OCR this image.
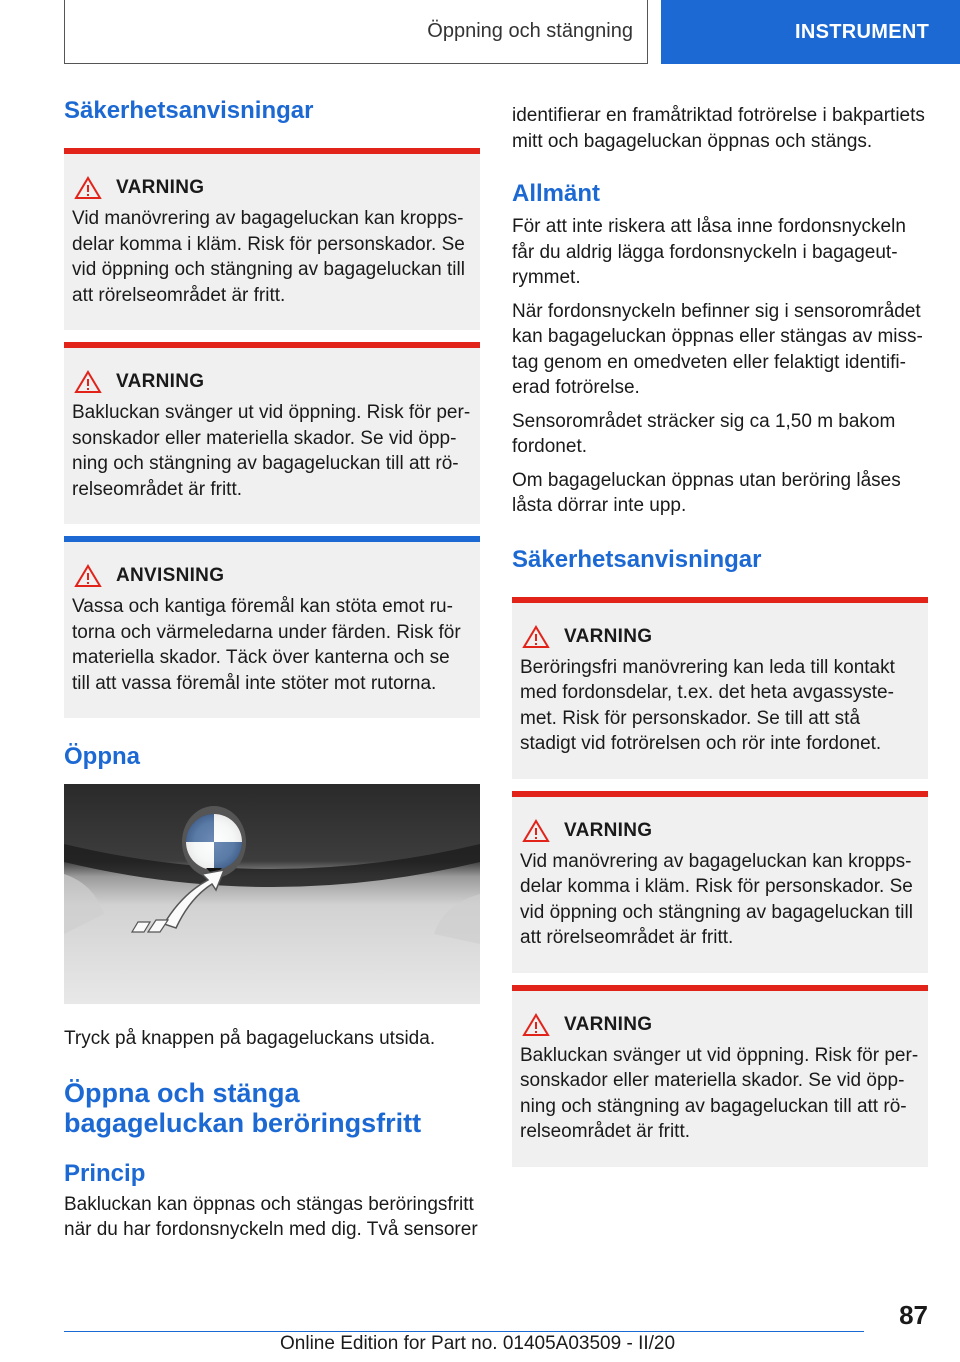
Öppning och stängning	INSTRUMENT
Säkerhetsanvisningar
VARNING

Vid manövrering av bagageluckan kan kroppsdelar komma i kläm. Risk för personskador. Se vid öppning och stängning av bagageluckan till att rörelseområdet är fritt.

VARNING

Bakluckan svänger ut vid öppning. Risk för personskador eller materiella skador. Se vid öppning och stängning av bagageluckan till att rörelseområdet är fritt.

ANVISNING

Vassa och kantiga föremål kan stöta emot rutorna och värmeledarna under färden. Risk för materiella skador. Täck över kanterna och se till att vassa föremål inte stöter mot rutorna.

Öppna

Tryck på knappen på bagageluckans utsida.

Öppna och stänga bagageluckan beröringsfritt
Princip

Bakluckan kan öppnas och stängas beröringsfritt när du har fordonsnyckeln med dig. Två sensorer

identifierar en framåtriktad fotrörelse i bakpartiets mitt och bagageluckan öppnas och stängs.

Allmänt

För att inte riskera att låsa inne fordonsnyckeln får du aldrig lägga fordonsnyckeln i bagageutrymmet.

När fordonsnyckeln befinner sig i sensorområdet kan bagageluckan öppnas eller stängas av misstag genom en omedveten eller felaktigt identifierad fotrörelse.

Sensorområdet sträcker sig ca 1,50 m bakom fordonet.

Om bagageluckan öppnas utan beröring låses låsta dörrar inte upp.

Säkerhetsanvisningar
VARNING

Beröringsfri manövrering kan leda till kontakt med fordonsdelar, t.ex. det heta avgassystemet. Risk för personskador. Se till att stå stadigt vid fotrörelsen och rör inte fordonet.

VARNING

Vid manövrering av bagageluckan kan kroppsdelar komma i kläm. Risk för personskador. Se vid öppning och stängning av bagageluckan till att rörelseområdet är fritt.

VARNING

Bakluckan svänger ut vid öppning. Risk för personskador eller materiella skador. Se vid öppning och stängning av bagageluckan till att rörelseområdet är fritt.

87
Online Edition for Part no. 01405A03509 - II/20
